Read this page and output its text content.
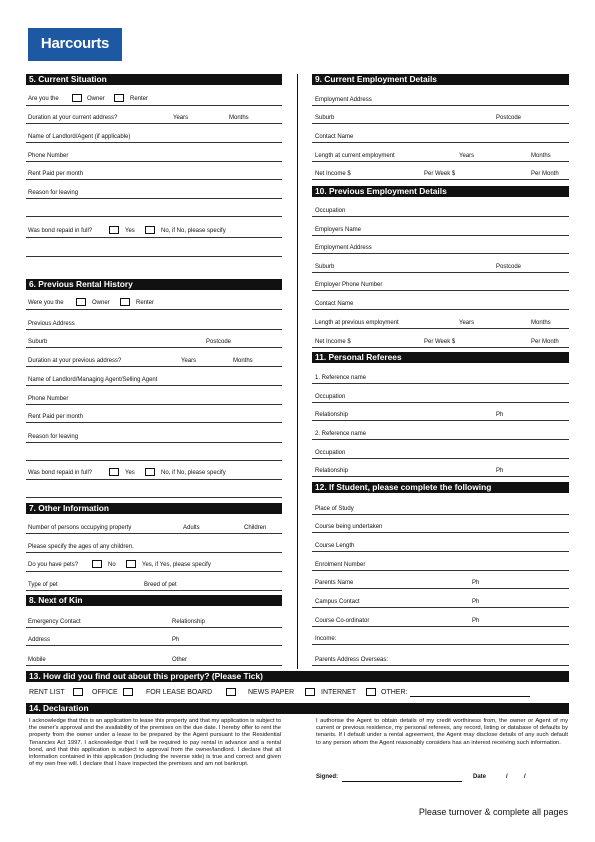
Harcourts
5. Current Situation
Are you the	Owner	Renter
Duration at your current address?	Years	Months
Name of Landlord/Agent (if applicable)
Phone Number
Rent Paid per month
Reason for leaving
Was bond repaid in full?	Yes	No, if No, please specify
6. Previous Rental History
Were you the	Owner	Renter
Previous Address
Suburb	Postcode
Duration at your previous address?	Years	Months
Name of Landlord/Managing Agent/Selling Agent
Phone Number
Rent Paid per month
Reason for leaving
Was bond repaid in full?	Yes	No, if No, please specify
7. Other Information
Number of persons occupying property	Adults	Children
Please specify the ages of any children.
Do you have pets?	No	Yes, if Yes, please specify
Type of pet	Breed of pet
8. Next of Kin
Emergency Contact	Relationship
Address	Ph
Mobile	Other
9. Current Employment Details
Employment Address
Suburb	Postcode
Contact Name
Length at current employment	Years	Months
Net Income $	Per Week $	Per Month
10. Previous Employment Details
Occupation
Employers Name
Employment Address
Suburb	Postcode
Employer Phone Number
Contact Name
Length at previous employment	Years	Months
Net Income $	Per Week $	Per Month
11. Personal Referees
1. Reference name
Occupation
Relationship	Ph
2. Reference name
Occupation
Relationship	Ph
12. If Student, please complete the following
Place of Study
Course being undertaken
Course Length
Enrolment Number
Parents Name	Ph
Campus Contact	Ph
Course Co-ordinator	Ph
Income:
Parents Address Overseas:
13. How did you find out about this property? (Please Tick)
RENT LIST	OFFICE	FOR LEASE BOARD	NEWS PAPER	INTERNET	OTHER:
14. Declaration
I acknowledge that this is an application to lease this property and that my application is subject to the owner's approval and the availability of the premises on the due date. I hereby offer to rent the property from the owner under a lease to be prepared by the Agent pursuant to the Residential Tenancies Act 1997. I acknowledge that I will be required to pay rental in advance and a rental bond, and that this application is subject to approval from the owner/landlord. I declare that all information contained in this application (including the reverse side) is true and correct and given of my own free will. I declare that I have inspected the premises and am not bankrupt.
I authorise the Agent to obtain details of my credit worthiness from, the owner or Agent of my current or previous residence, my personal referees, any record, listing or database of defaults by tenants. If I default under a rental agreement, the Agent may disclose details of any such default to any person whom the Agent reasonably considers has an interest receiving such information.
Signed:	Date	/	/
Please turnover & complete all pages
